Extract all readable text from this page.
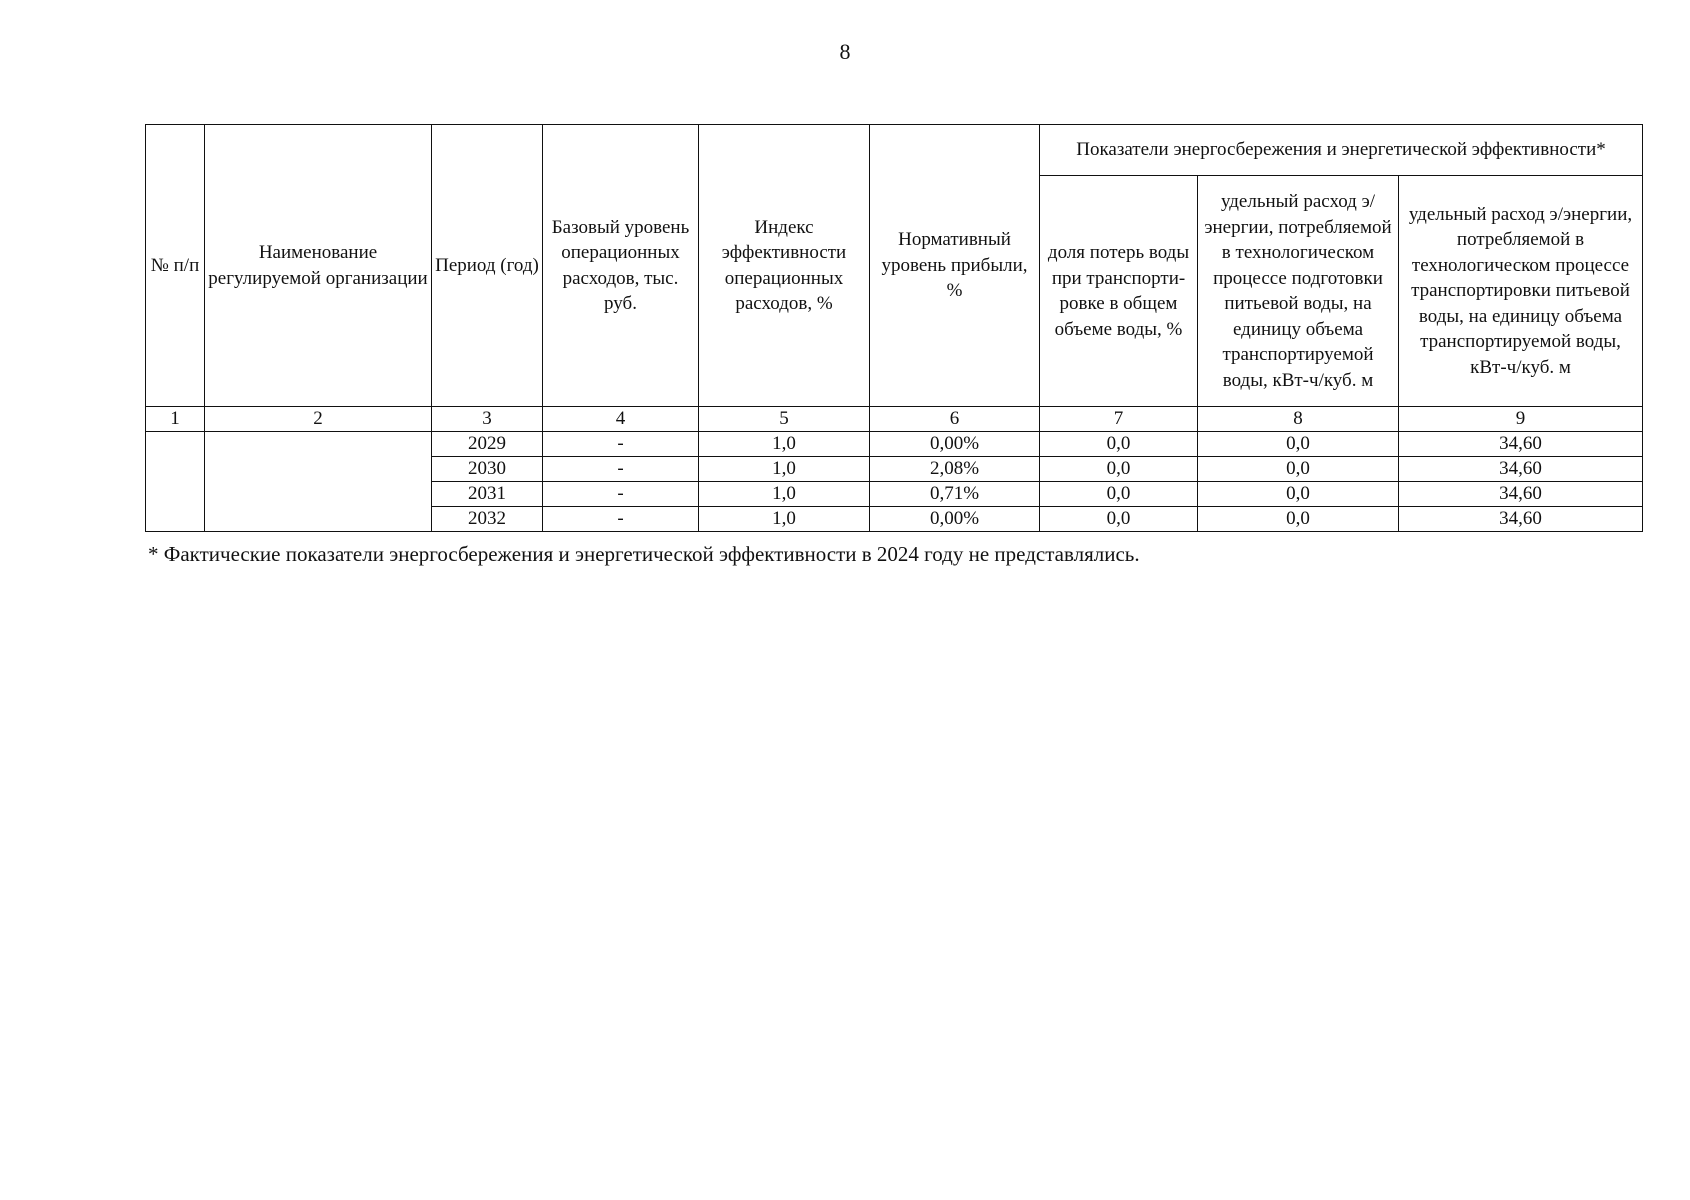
8
№ п/п	Наименование регулируемой организации	Период (год)	Базовый уровень операционных расходов, тыс. руб.	Индекс эффективности операционных расходов, %	Нормативный уровень прибыли, %	Показатели энергосбережения и энергетической эффективности*		
						доля потерь воды при транспорти-ровке в общем объеме воды, %	удельный расход э/энергии, потребляемой в технологическом процессе подготовки питьевой воды, на единицу объема транспортируемой воды, кВт-ч/куб. м	удельный расход э/энергии, потребляемой в технологическом процессе транспортировки питьевой воды, на единицу объема транспортируемой воды, кВт-ч/куб. м
1	2	3	4	5	6	7	8	9
		2029	-	1,0	0,00%	0,0	0,0	34,60
		2030	-	1,0	2,08%	0,0	0,0	34,60
		2031	-	1,0	0,71%	0,0	0,0	34,60
		2032	-	1,0	0,00%	0,0	0,0	34,60
* Фактические показатели энергосбережения и энергетической эффективности в 2024 году не представлялись.
